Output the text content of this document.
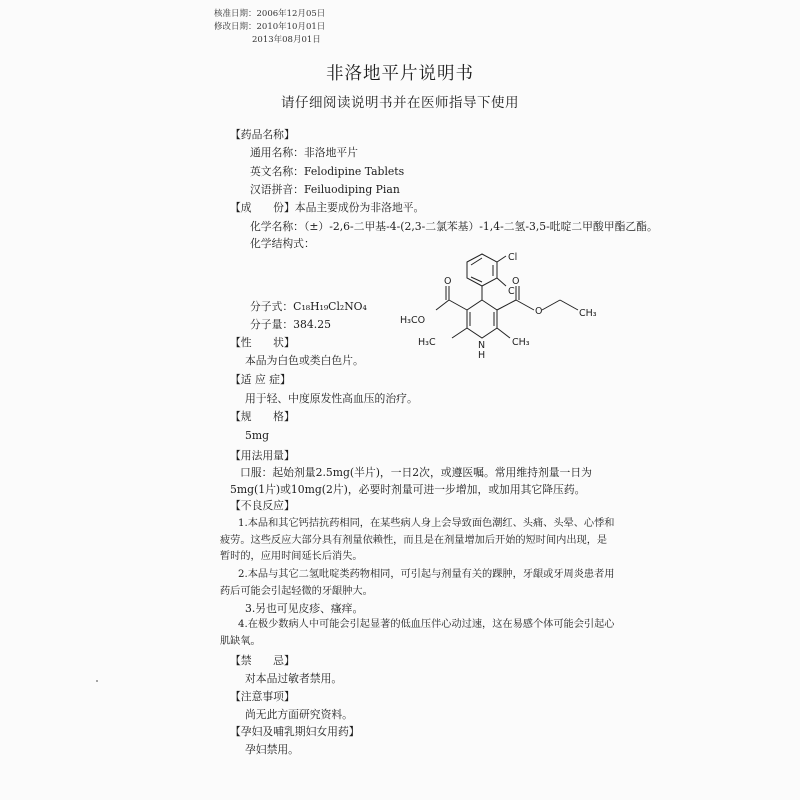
核准日期：2006年12月05日
修改日期：2010年10月01日
2013年08月01日
非洛地平片说明书
请仔细阅读说明书并在医师指导下使用
【药品名称】
通用名称：非洛地平片
英文名称：Felodipine Tablets
汉语拼音：Feiluodiping Pian
【成　　份】本品主要成份为非洛地平。
化学名称：（±）-2,6-二甲基-4-(2,3-二氯苯基）-1,4-二氢-3,5-吡啶二甲酸甲酯乙酯。
化学结构式：
分子式：C₁₈H₁₉Cl₂NO₄
分子量：384.25
【性　　状】
本品为白色或类白色片。
【适 应 症】
用于轻、中度原发性高血压的治疗。
【规　　格】
5mg
【用法用量】
口服：起始剂量2.5mg(半片)，一日2次，或遵医嘱。常用维持剂量一日为5mg(1片)或10mg(2片)，必要时剂量可进一步增加，或加用其它降压药。
【不良反应】
1.本品和其它钙拮抗药相同，在某些病人身上会导致面色潮红、头痛、头晕、心悸和疲劳。这些反应大部分具有剂量依赖性，而且是在剂量增加后开始的短时间内出现，是暂时的，应用时间延长后消失。
2.本品与其它二氢吡啶类药物相同，可引起与剂量有关的踝肿，牙龈或牙周炎患者用药后可能会引起轻微的牙龈肿大。
3.另也可见皮疹、瘙痒。
4.在极少数病人中可能会引起显著的低血压伴心动过速，这在易感个体可能会引起心肌缺氧。
【禁　　忌】
对本品过敏者禁用。
【注意事项】
尚无此方面研究资料。
【孕妇及哺乳期妇女用药】
孕妇禁用。
Cl
Cl
O	O
O
H₃CO
H₃C	CH₃
N
H
CH₃
